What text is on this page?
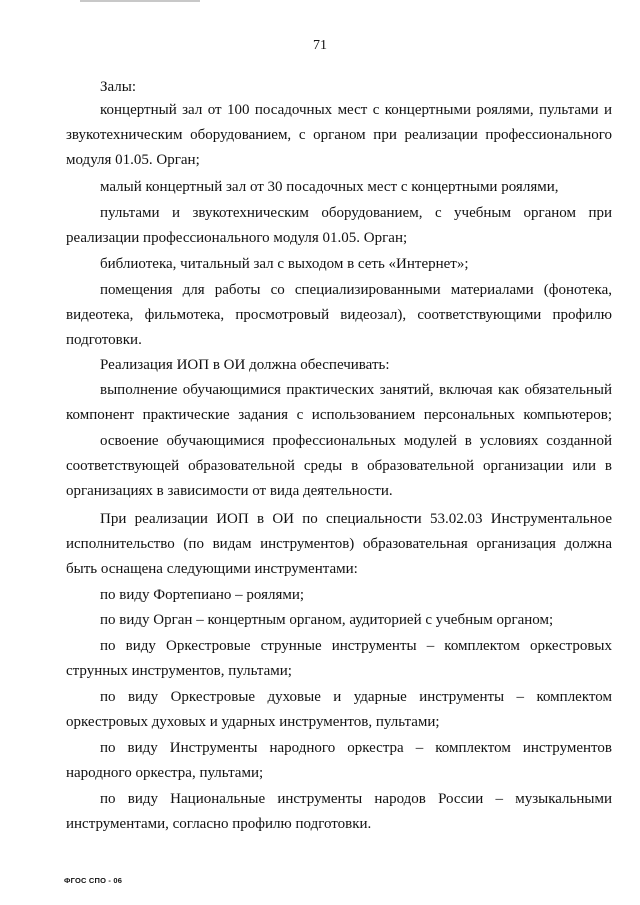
71
Залы:
концертный зал от 100 посадочных мест с концертными роялями, пультами и
звукотехническим оборудованием, с органом при реализации профессионального
модуля 01.05. Орган;
малый концертный зал от 30 посадочных мест с концертными роялями,
пультами и звукотехническим оборудованием, с учебным органом при
реализации профессионального модуля 01.05. Орган;
библиотека, читальный зал с выходом в сеть «Интернет»;
помещения для работы со специализированными материалами (фонотека,
видеотека, фильмотека, просмотровый видеозал), соответствующими профилю
подготовки.
Реализация ИОП в ОИ должна обеспечивать:
выполнение обучающимися практических занятий, включая как обязательный
компонент практические задания с использованием персональных компьютеров;
освоение обучающимися профессиональных модулей в условиях созданной
соответствующей образовательной среды в образовательной организации или в
организациях в зависимости от вида деятельности.
При реализации ИОП в ОИ по специальности 53.02.03 Инструментальное
исполнительство (по видам инструментов) образовательная организация должна
быть оснащена следующими инструментами:
по виду Фортепиано – роялями;
по виду Орган – концертным органом, аудиторией с учебным органом;
по виду Оркестровые струнные инструменты – комплектом оркестровых
струнных инструментов, пультами;
по виду Оркестровые духовые и ударные инструменты – комплектом
оркестровых духовых и ударных инструментов, пультами;
по виду Инструменты народного оркестра – комплектом инструментов
народного оркестра, пультами;
по виду Национальные инструменты народов России – музыкальными
инструментами, согласно профилю подготовки.
ФГОС СПО - 06
